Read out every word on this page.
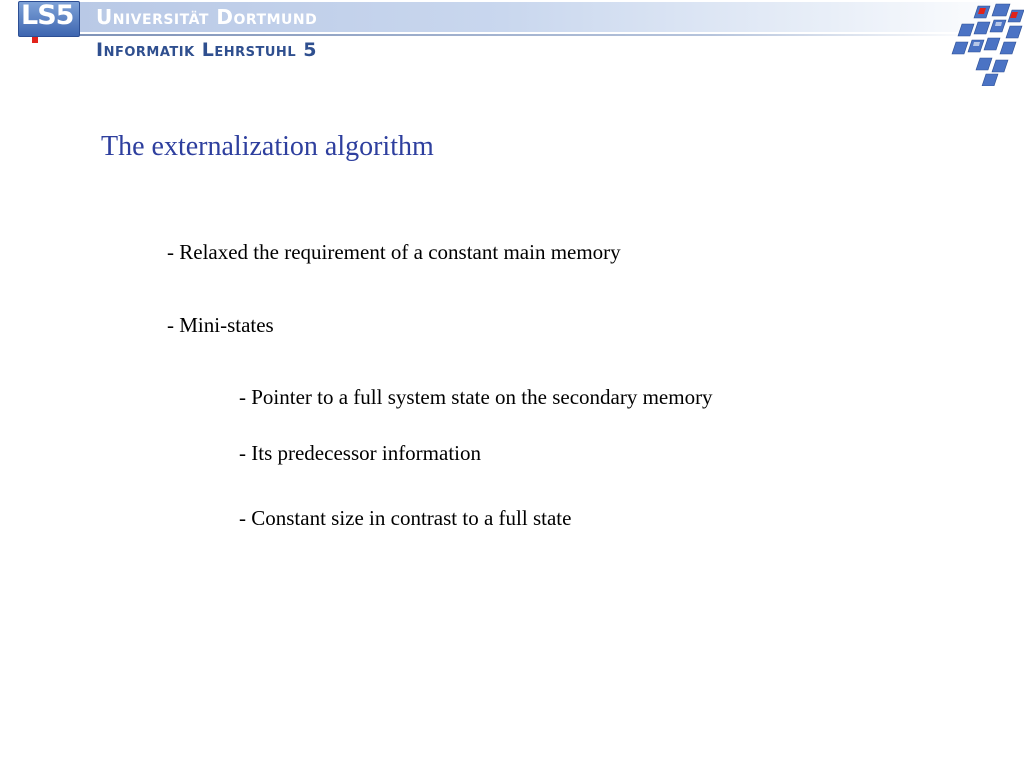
Universität Dortmund
Informatik Lehrstuhl 5
LS5
The externalization algorithm
- Relaxed the requirement of a constant main memory
- Mini-states
- Pointer to a full system state on the secondary memory
- Its predecessor information
- Constant size in contrast to a full state
